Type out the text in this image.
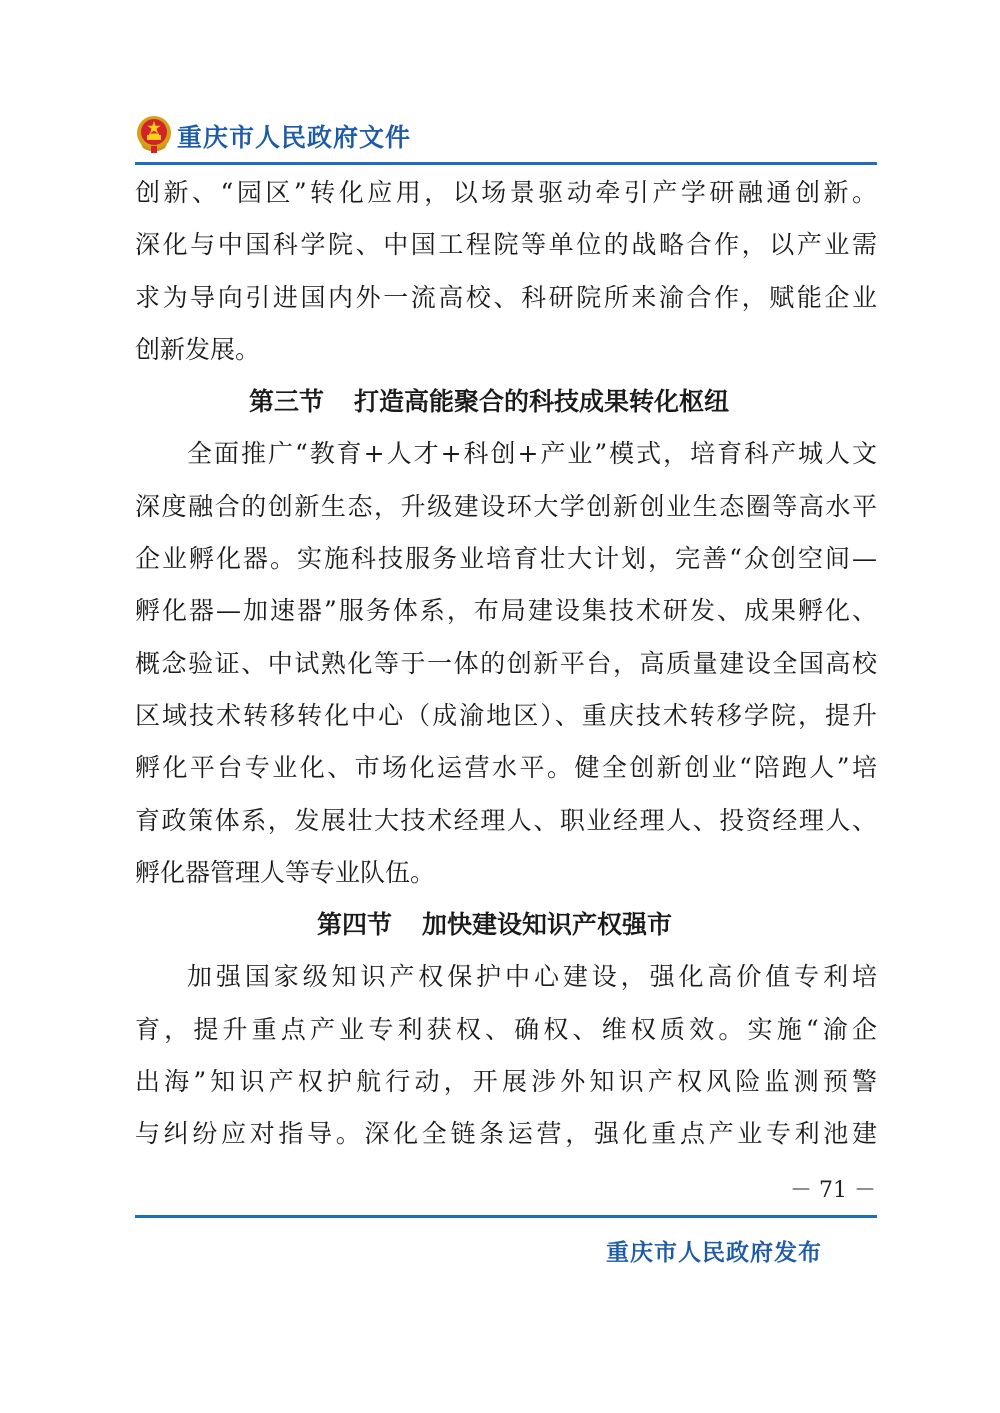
重庆市人民政府文件
创新、“园区”转化应用，以场景驱动牵引产学研融通创新。
深化与中国科学院、中国工程院等单位的战略合作，以产业需
求为导向引进国内外一流高校、科研院所来渝合作，赋能企业
创新发展。
第三节 打造高能聚合的科技成果转化枢纽
全面推广“教育+人才+科创+产业”模式，培育科产城人文
深度融合的创新生态，升级建设环大学创新创业生态圈等高水平
企业孵化器。实施科技服务业培育壮大计划，完善“众创空间—
孵化器—加速器”服务体系，布局建设集技术研发、成果孵化、
概念验证、中试熟化等于一体的创新平台，高质量建设全国高校
区域技术转移转化中心（成渝地区）、重庆技术转移学院，提升
孵化平台专业化、市场化运营水平。健全创新创业“陪跑人”培
育政策体系，发展壮大技术经理人、职业经理人、投资经理人、
孵化器管理人等专业队伍。
第四节 加快建设知识产权强市
加强国家级知识产权保护中心建设，强化高价值专利培
育，提升重点产业专利获权、确权、维权质效。实施“渝企
出海”知识产权护航行动，开展涉外知识产权风险监测预警
与纠纷应对指导。深化全链条运营，强化重点产业专利池建
－ 71 －
重庆市人民政府发布
